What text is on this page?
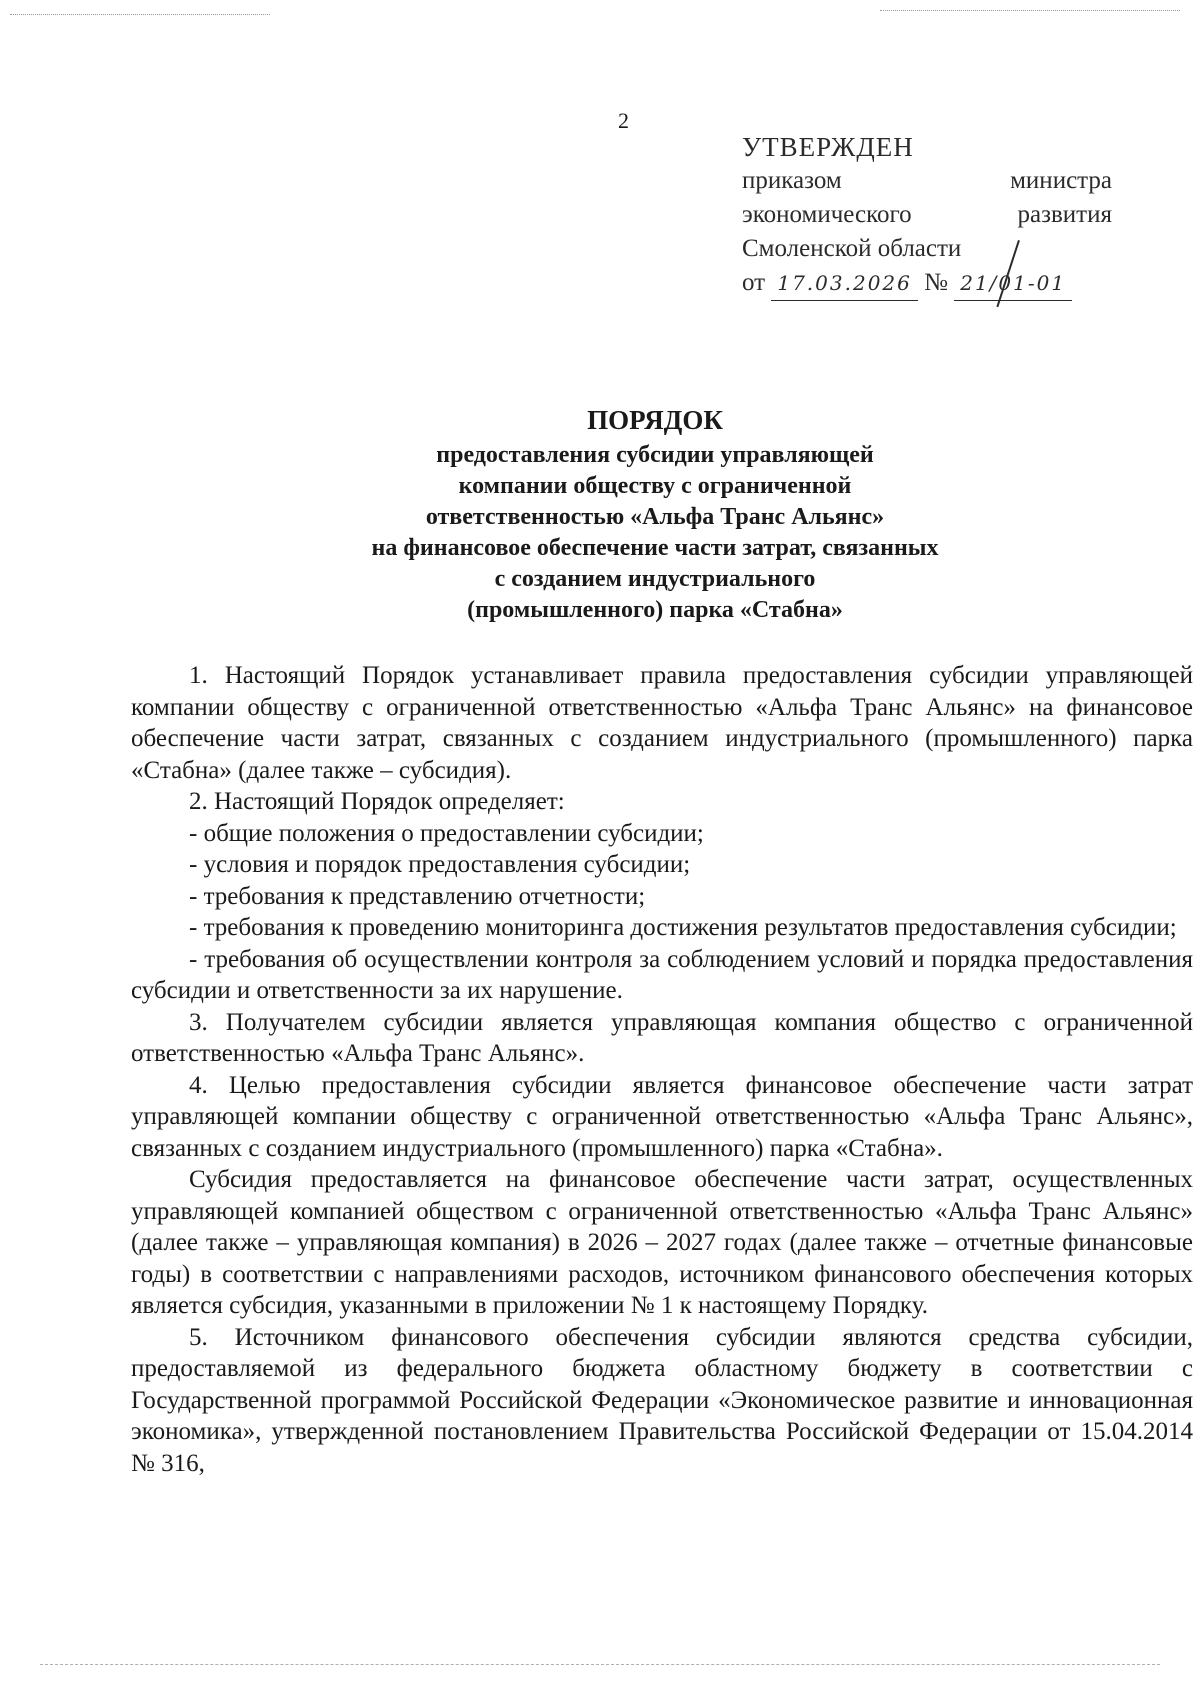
2
УТВЕРЖДЕН
приказом	министра
экономического	развития
Смоленской области
от 17.03.2026 № 21/01-01
ПОРЯДОК
предоставления субсидии управляющей
компании обществу с ограниченной
ответственностью «Альфа Транс Альянс»
на финансовое обеспечение части затрат, связанных
с созданием индустриального
(промышленного) парка «Стабна»

1. Настоящий Порядок устанавливает правила предоставления субсидии управляющей компании обществу с ограниченной ответственностью «Альфа Транс Альянс» на финансовое обеспечение части затрат, связанных с созданием индустриального (промышленного) парка «Стабна» (далее также – субсидия).

2. Настоящий Порядок определяет:

- общие положения о предоставлении субсидии;

- условия и порядок предоставления субсидии;

- требования к представлению отчетности;

- требования к проведению мониторинга достижения результатов предоставления субсидии;

- требования об осуществлении контроля за соблюдением условий и порядка предоставления субсидии и ответственности за их нарушение.

3. Получателем субсидии является управляющая компания общество с ограниченной ответственностью «Альфа Транс Альянс».

4. Целью предоставления субсидии является финансовое обеспечение части затрат управляющей компании обществу с ограниченной ответственностью «Альфа Транс Альянс», связанных с созданием индустриального (промышленного) парка «Стабна».

Субсидия предоставляется на финансовое обеспечение части затрат, осуществленных управляющей компанией обществом с ограниченной ответственностью «Альфа Транс Альянс» (далее также – управляющая компания) в 2026 – 2027 годах (далее также – отчетные финансовые годы) в соответствии с направлениями расходов, источником финансового обеспечения которых является субсидия, указанными в приложении № 1 к настоящему Порядку.

5. Источником финансового обеспечения субсидии являются средства субсидии, предоставляемой из федерального бюджета областному бюджету в соответствии с Государственной программой Российской Федерации «Экономическое развитие и инновационная экономика», утвержденной постановлением Правительства Российской Федерации от 15.04.2014 № 316,
